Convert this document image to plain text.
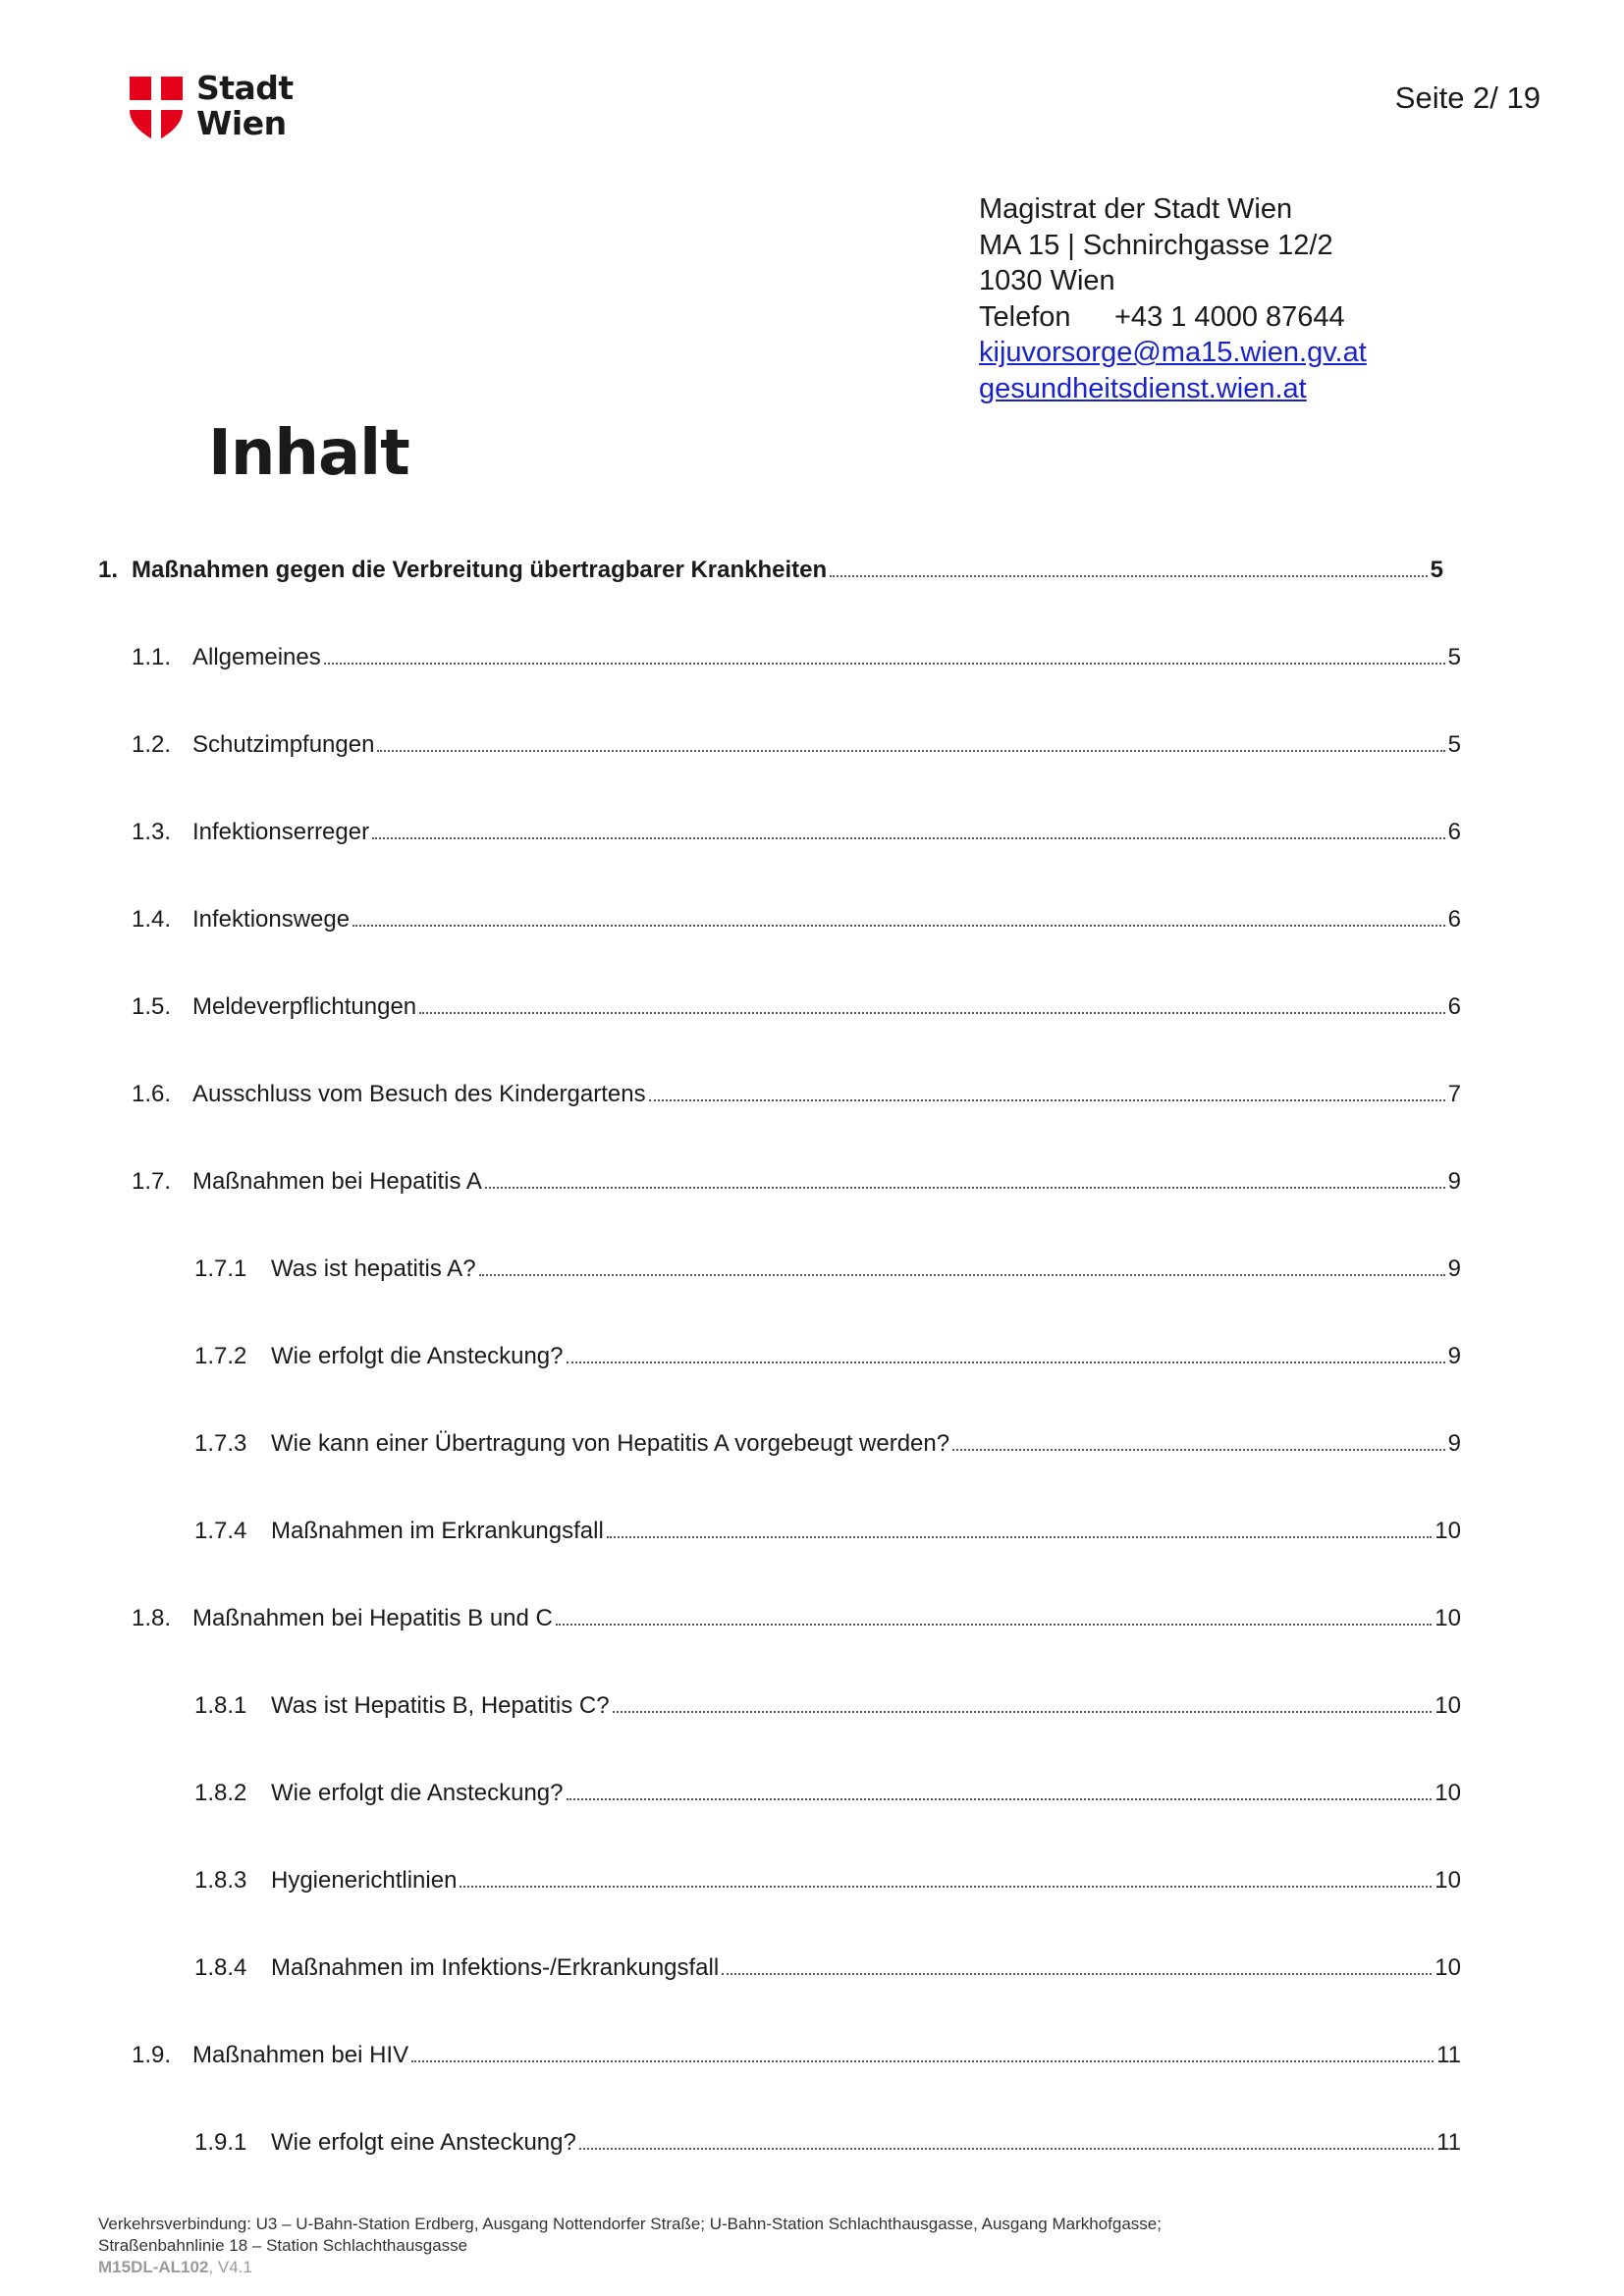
Stadt
Wien
Seite 2/ 19
Magistrat der Stadt Wien
MA 15 | Schnirchgasse 12/2
1030 Wien
Telefon +43 1 4000 87644
kijuvorsorge@ma15.wien.gv.at
gesundheitsdienst.wien.at
Inhalt
1. Maßnahmen gegen die Verbreitung übertragbarer Krankheiten	5
1.1. Allgemeines	5
1.2. Schutzimpfungen	5
1.3. Infektionserreger	6
1.4. Infektionswege	6
1.5. Meldeverpflichtungen	6
1.6. Ausschluss vom Besuch des Kindergartens	7
1.7. Maßnahmen bei Hepatitis A	9
1.7.1	Was ist hepatitis A?	9
1.7.2	Wie erfolgt die Ansteckung?	9
1.7.3	Wie kann einer Übertragung von Hepatitis A vorgebeugt werden?	9
1.7.4	Maßnahmen im Erkrankungsfall	10
1.8. Maßnahmen bei Hepatitis B und C	10
1.8.1	Was ist Hepatitis B, Hepatitis C?	10
1.8.2	Wie erfolgt die Ansteckung?	10
1.8.3	Hygienerichtlinien	10
1.8.4	Maßnahmen im Infektions-/Erkrankungsfall	10
1.9. Maßnahmen bei HIV	11
1.9.1	Wie erfolgt eine Ansteckung?	11
Verkehrsverbindung: U3 – U-Bahn-Station Erdberg, Ausgang Nottendorfer Straße; U-Bahn-Station Schlachthausgasse, Ausgang Markhofgasse;
Straßenbahnlinie 18 – Station Schlachthausgasse
M15DL-AL102, V4.1
